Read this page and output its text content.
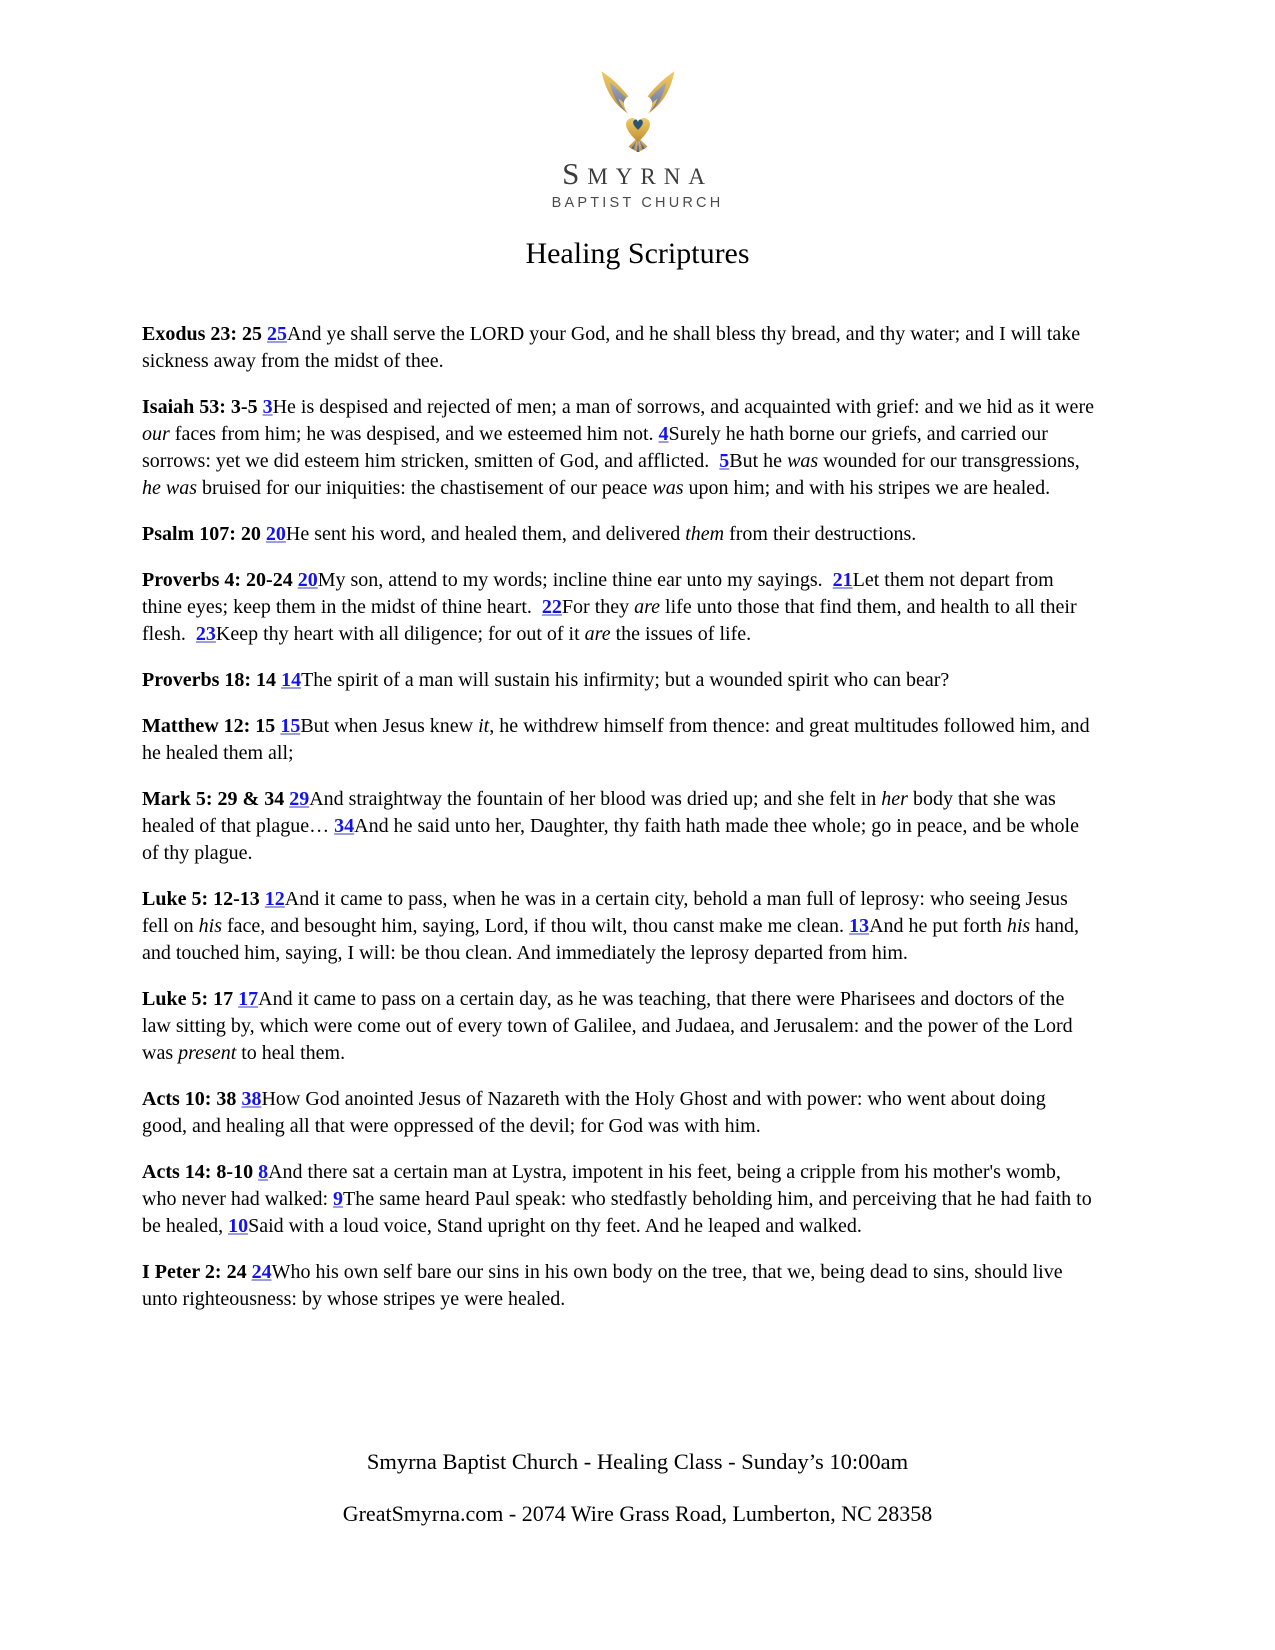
SMYRNA
BAPTIST CHURCH
Healing Scriptures

Exodus 23: 25 25And ye shall serve the LORD your God, and he shall bless thy bread, and thy water; and I will take sickness away from the midst of thee.

Isaiah 53: 3-5 3He is despised and rejected of men; a man of sorrows, and acquainted with grief: and we hid as it were our faces from him; he was despised, and we esteemed him not. 4Surely he hath borne our griefs, and carried our sorrows: yet we did esteem him stricken, smitten of God, and afflicted.  5But he was wounded for our transgressions, he was bruised for our iniquities: the chastisement of our peace was upon him; and with his stripes we are healed.

Psalm 107: 20 20He sent his word, and healed them, and delivered them from their destructions.

Proverbs 4: 20-24 20My son, attend to my words; incline thine ear unto my sayings.  21Let them not depart from thine eyes; keep them in the midst of thine heart.  22For they are life unto those that find them, and health to all their flesh.  23Keep thy heart with all diligence; for out of it are the issues of life.

Proverbs 18: 14 14The spirit of a man will sustain his infirmity; but a wounded spirit who can bear?

Matthew 12: 15 15But when Jesus knew it, he withdrew himself from thence: and great multitudes followed him, and he healed them all;

Mark 5: 29 & 34 29And straightway the fountain of her blood was dried up; and she felt in her body that she was healed of that plague… 34And he said unto her, Daughter, thy faith hath made thee whole; go in peace, and be whole of thy plague.

Luke 5: 12-13 12And it came to pass, when he was in a certain city, behold a man full of leprosy: who seeing Jesus fell on his face, and besought him, saying, Lord, if thou wilt, thou canst make me clean. 13And he put forth his hand, and touched him, saying, I will: be thou clean. And immediately the leprosy departed from him.

Luke 5: 17 17And it came to pass on a certain day, as he was teaching, that there were Pharisees and doctors of the law sitting by, which were come out of every town of Galilee, and Judaea, and Jerusalem: and the power of the Lord was present to heal them.

Acts 10: 38 38How God anointed Jesus of Nazareth with the Holy Ghost and with power: who went about doing good, and healing all that were oppressed of the devil; for God was with him.

Acts 14: 8-10 8And there sat a certain man at Lystra, impotent in his feet, being a cripple from his mother's womb, who never had walked: 9The same heard Paul speak: who stedfastly beholding him, and perceiving that he had faith to be healed, 10Said with a loud voice, Stand upright on thy feet. And he leaped and walked.

I Peter 2: 24 24Who his own self bare our sins in his own body on the tree, that we, being dead to sins, should live unto righteousness: by whose stripes ye were healed.

Smyrna Baptist Church - Healing Class - Sunday’s 10:00am
GreatSmyrna.com - 2074 Wire Grass Road, Lumberton, NC 28358
